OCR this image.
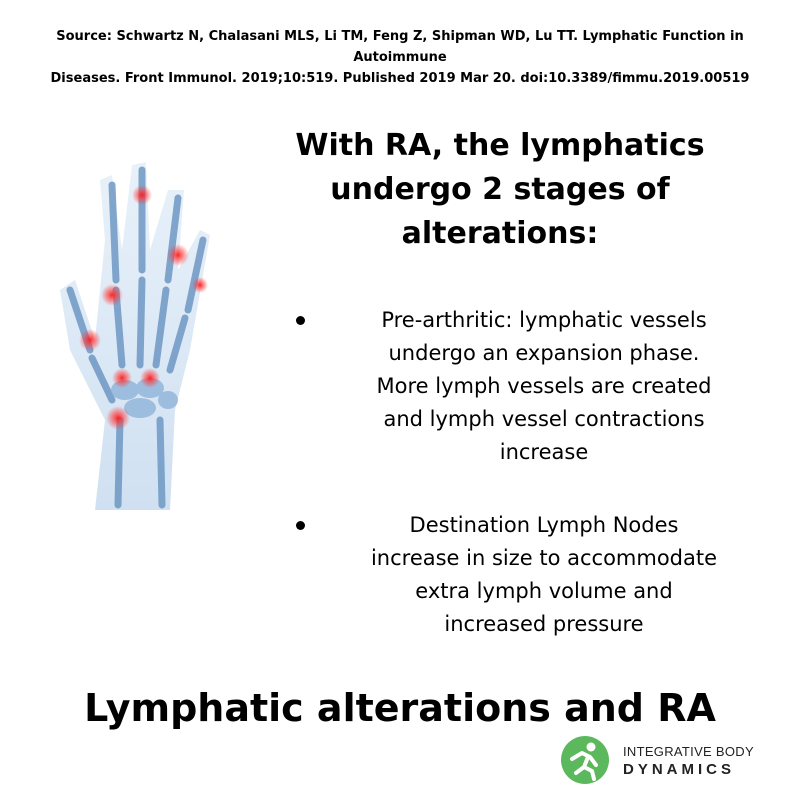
Source: Schwartz N, Chalasani MLS, Li TM, Feng Z, Shipman WD, Lu TT. Lymphatic Function in Autoimmune
Diseases. Front Immunol. 2019;10:519. Published 2019 Mar 20. doi:10.3389/fimmu.2019.00519
With RA, the lymphatics
undergo 2 stages of
alterations:
Pre-arthritic: lymphatic vessels
undergo an expansion phase.
More lymph vessels are created
and lymph vessel contractions
increase
Destination Lymph Nodes
increase in size to accommodate
extra lymph volume and
increased pressure
Lymphatic alterations and RA
INTEGRATIVE BODY
DYNAMICS
